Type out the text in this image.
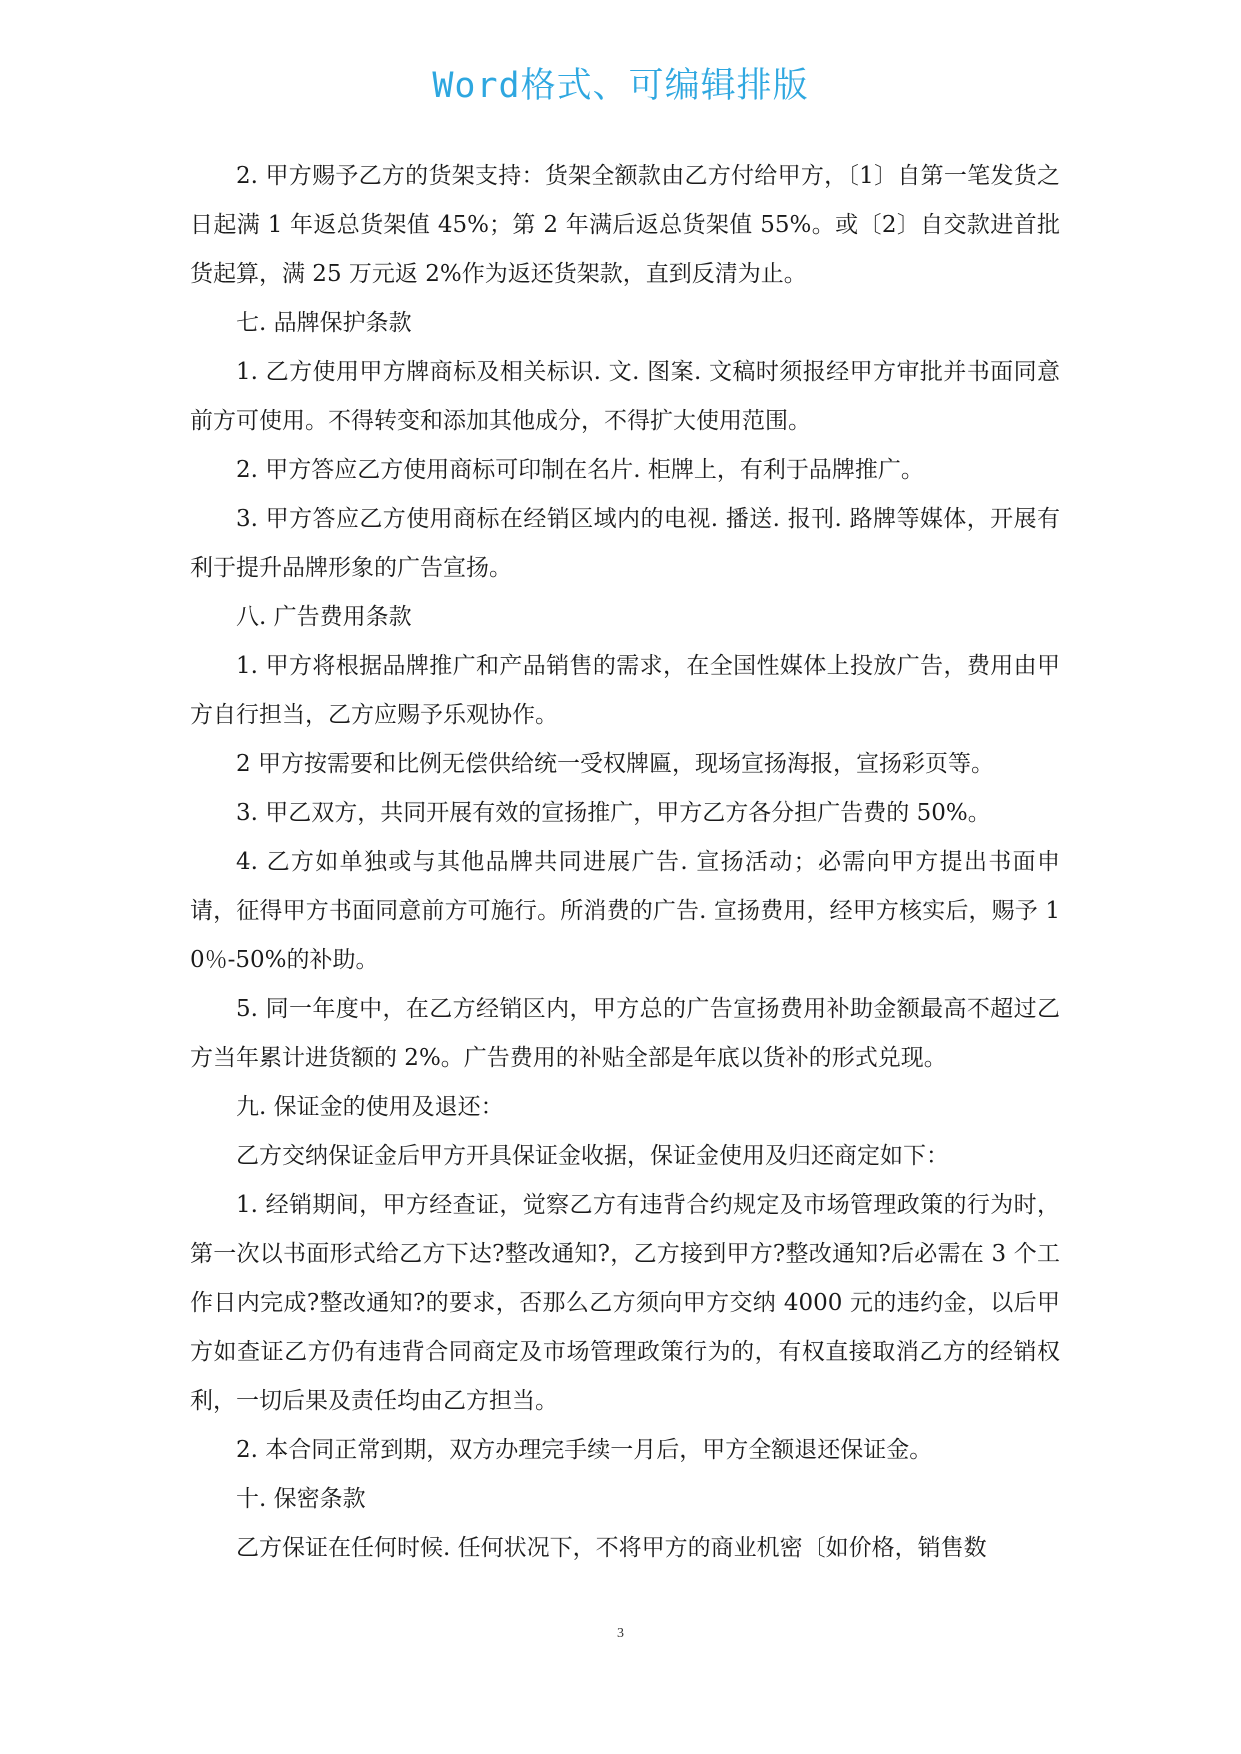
Word格式、可编辑排版

2. 甲方赐予乙方的货架支持：货架全额款由乙方付给甲方，〔1〕自第一笔发货之日起满 1 年返总货架值 45%；第 2 年满后返总货架值 55%。或〔2〕自交款进首批货起算，满 25 万元返 2%作为返还货架款，直到反清为止。

七. 品牌保护条款

1. 乙方使用甲方牌商标及相关标识. 文. 图案. 文稿时须报经甲方审批并书面同意前方可使用。不得转变和添加其他成分，不得扩大使用范围。

2. 甲方答应乙方使用商标可印制在名片. 柜牌上，有利于品牌推广。

3. 甲方答应乙方使用商标在经销区域内的电视. 播送. 报刊. 路牌等媒体，开展有利于提升品牌形象的广告宣扬。

八. 广告费用条款

1. 甲方将根据品牌推广和产品销售的需求，在全国性媒体上投放广告，费用由甲方自行担当，乙方应赐予乐观协作。

2 甲方按需要和比例无偿供给统一受权牌匾，现场宣扬海报，宣扬彩页等。

3. 甲乙双方，共同开展有效的宣扬推广，甲方乙方各分担广告费的 50%。

4. 乙方如单独或与其他品牌共同进展广告. 宣扬活动；必需向甲方提出书面申请，征得甲方书面同意前方可施行。所消费的广告. 宣扬费用，经甲方核实后，赐予 10％-50%的补助。

5. 同一年度中，在乙方经销区内，甲方总的广告宣扬费用补助金额最高不超过乙方当年累计进货额的 2%。广告费用的补贴全部是年底以货补的形式兑现。

九. 保证金的使用及退还：

乙方交纳保证金后甲方开具保证金收据，保证金使用及归还商定如下：

1. 经销期间，甲方经查证，觉察乙方有违背合约规定及市场管理政策的行为时，第一次以书面形式给乙方下达?整改通知?，乙方接到甲方?整改通知?后必需在 3 个工作日内完成?整改通知?的要求，否那么乙方须向甲方交纳 4000 元的违约金，以后甲方如查证乙方仍有违背合同商定及市场管理政策行为的，有权直接取消乙方的经销权利，一切后果及责任均由乙方担当。

2. 本合同正常到期，双方办理完手续一月后，甲方全额退还保证金。

十. 保密条款

乙方保证在任何时候. 任何状况下，不将甲方的商业机密〔如价格，销售数

3
